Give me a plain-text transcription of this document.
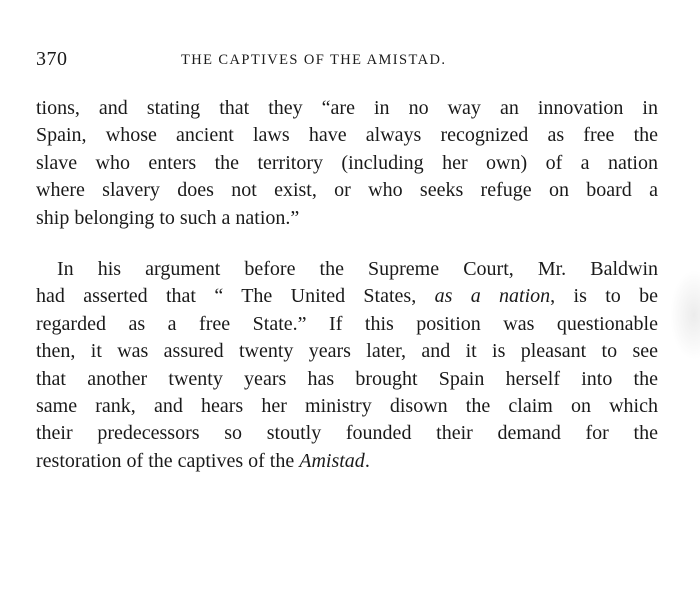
370	THE CAPTIVES OF THE AMISTAD.
tions, and stating that they “are in no way an innovation in
Spain, whose ancient laws have always recognized as free the
slave who enters the territory (including her own) of a nation
where slavery does not exist, or who seeks refuge on board a
ship belonging to such a nation.”
In his argument before the Supreme Court, Mr. Baldwin
had asserted that “ The United States, as a nation, is to be
regarded as a free State.” If this position was questionable
then, it was assured twenty years later, and it is pleasant to see
that another twenty years has brought Spain herself into the
same rank, and hears her ministry disown the claim on which
their predecessors so stoutly founded their demand for the
restoration of the captives of the Amistad.
